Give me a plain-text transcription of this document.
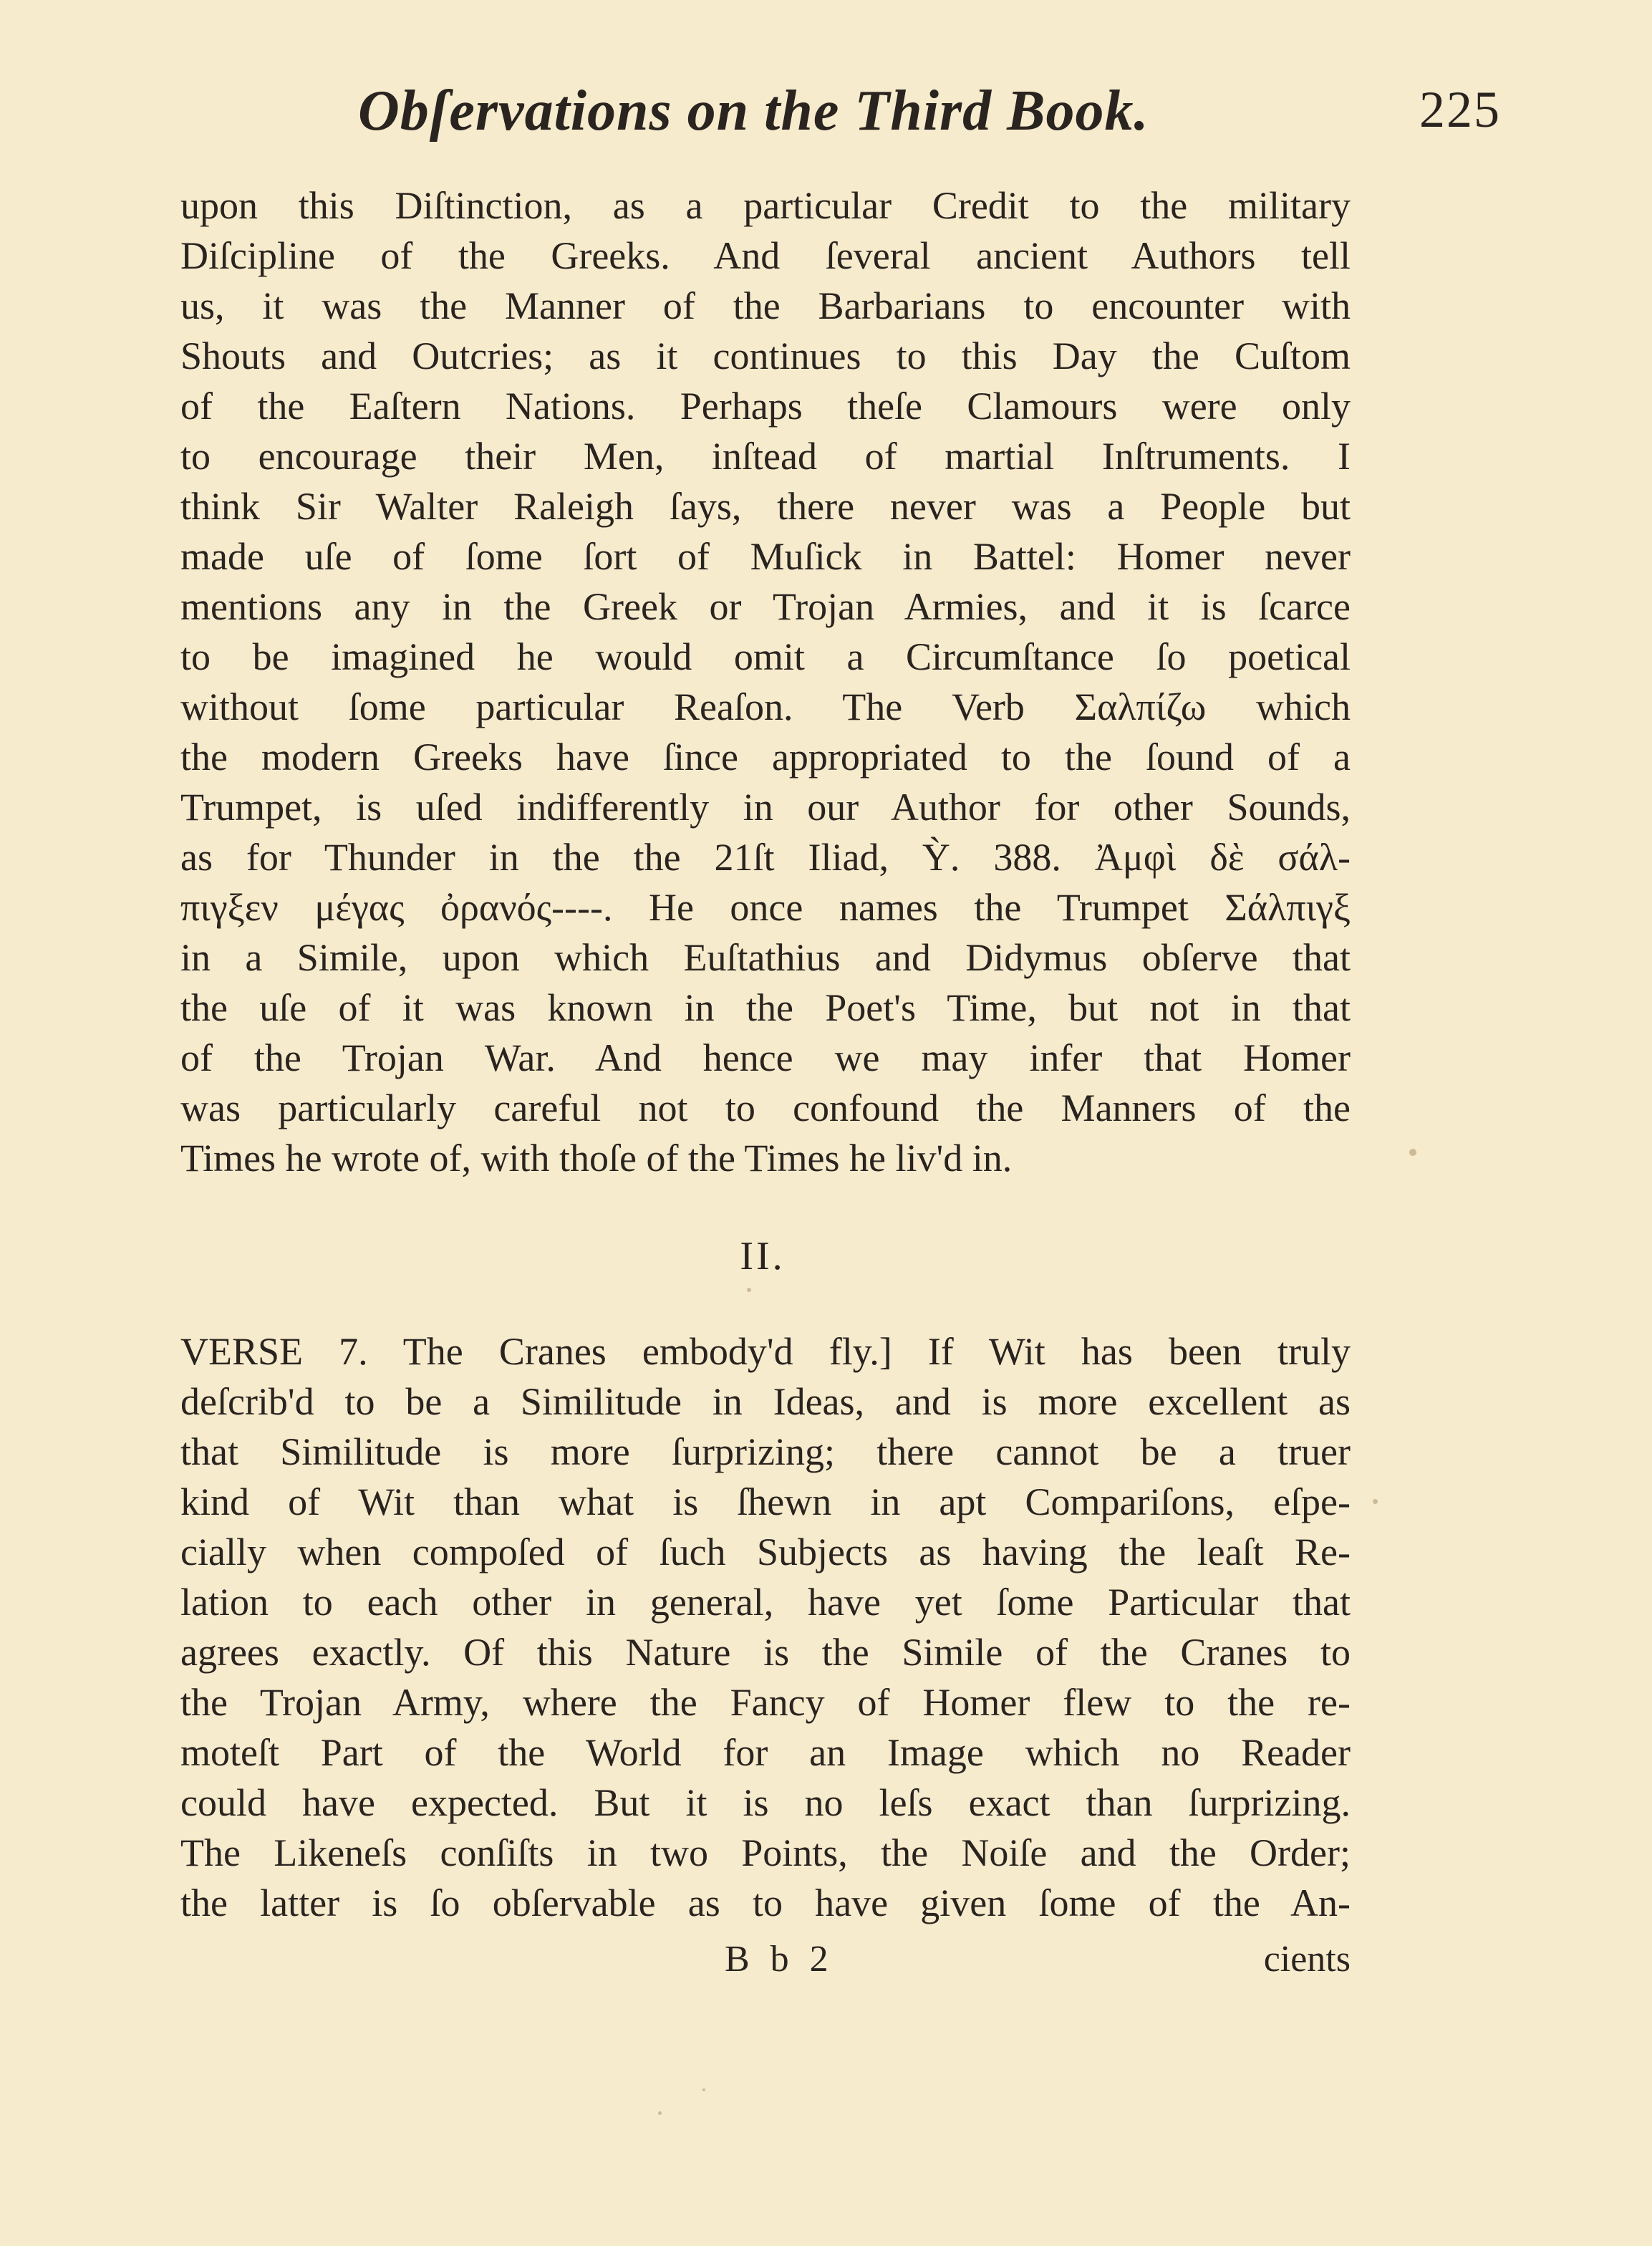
Obſervations on the Third Book.	225
upon this Diſtinction, as a particular Credit to the military
Diſcipline of the Greeks. And ſeveral ancient Authors tell
us, it was the Manner of the Barbarians to encounter with
Shouts and Outcries; as it continues to this Day the Cuſtom
of the Eaſtern Nations. Perhaps theſe Clamours were only
to encourage their Men, inſtead of martial Inſtruments. I
think Sir Walter Raleigh ſays, there never was a People but
made uſe of ſome ſort of Muſick in Battel: Homer never
mentions any in the Greek or Trojan Armies, and it is ſcarce
to be imagined he would omit a Circumſtance ſo poetical
without ſome particular Reaſon. The Verb Σαλπίζω which
the modern Greeks have ſince appropriated to the ſound of a
Trumpet, is uſed indifferently in our Author for other Sounds,
as for Thunder in the the 21ſt Iliad, Ỳ. 388. Ἀμφὶ δὲ σάλ-
πιγξεν μέγας ὀρανός----. He once names the Trumpet Σάλπιγξ
in a Simile, upon which Euſtathius and Didymus obſerve that
the uſe of it was known in the Poet's Time, but not in that
of the Trojan War. And hence we may infer that Homer
was particularly careful not to confound the Manners of the
Times he wrote of, with thoſe of the Times he liv'd in.
II.
VERSE 7. The Cranes embody'd fly.] If Wit has been truly
deſcrib'd to be a Similitude in Ideas, and is more excellent as
that Similitude is more ſurprizing; there cannot be a truer
kind of Wit than what is ſhewn in apt Compariſons, eſpe-
cially when compoſed of ſuch Subjects as having the leaſt Re-
lation to each other in general, have yet ſome Particular that
agrees exactly. Of this Nature is the Simile of the Cranes to
the Trojan Army, where the Fancy of Homer flew to the re-
moteſt Part of the World for an Image which no Reader
could have expected. But it is no leſs exact than ſurprizing.
The Likeneſs conſiſts in two Points, the Noiſe and the Order;
the latter is ſo obſervable as to have given ſome of the An-
B b 2	cients
